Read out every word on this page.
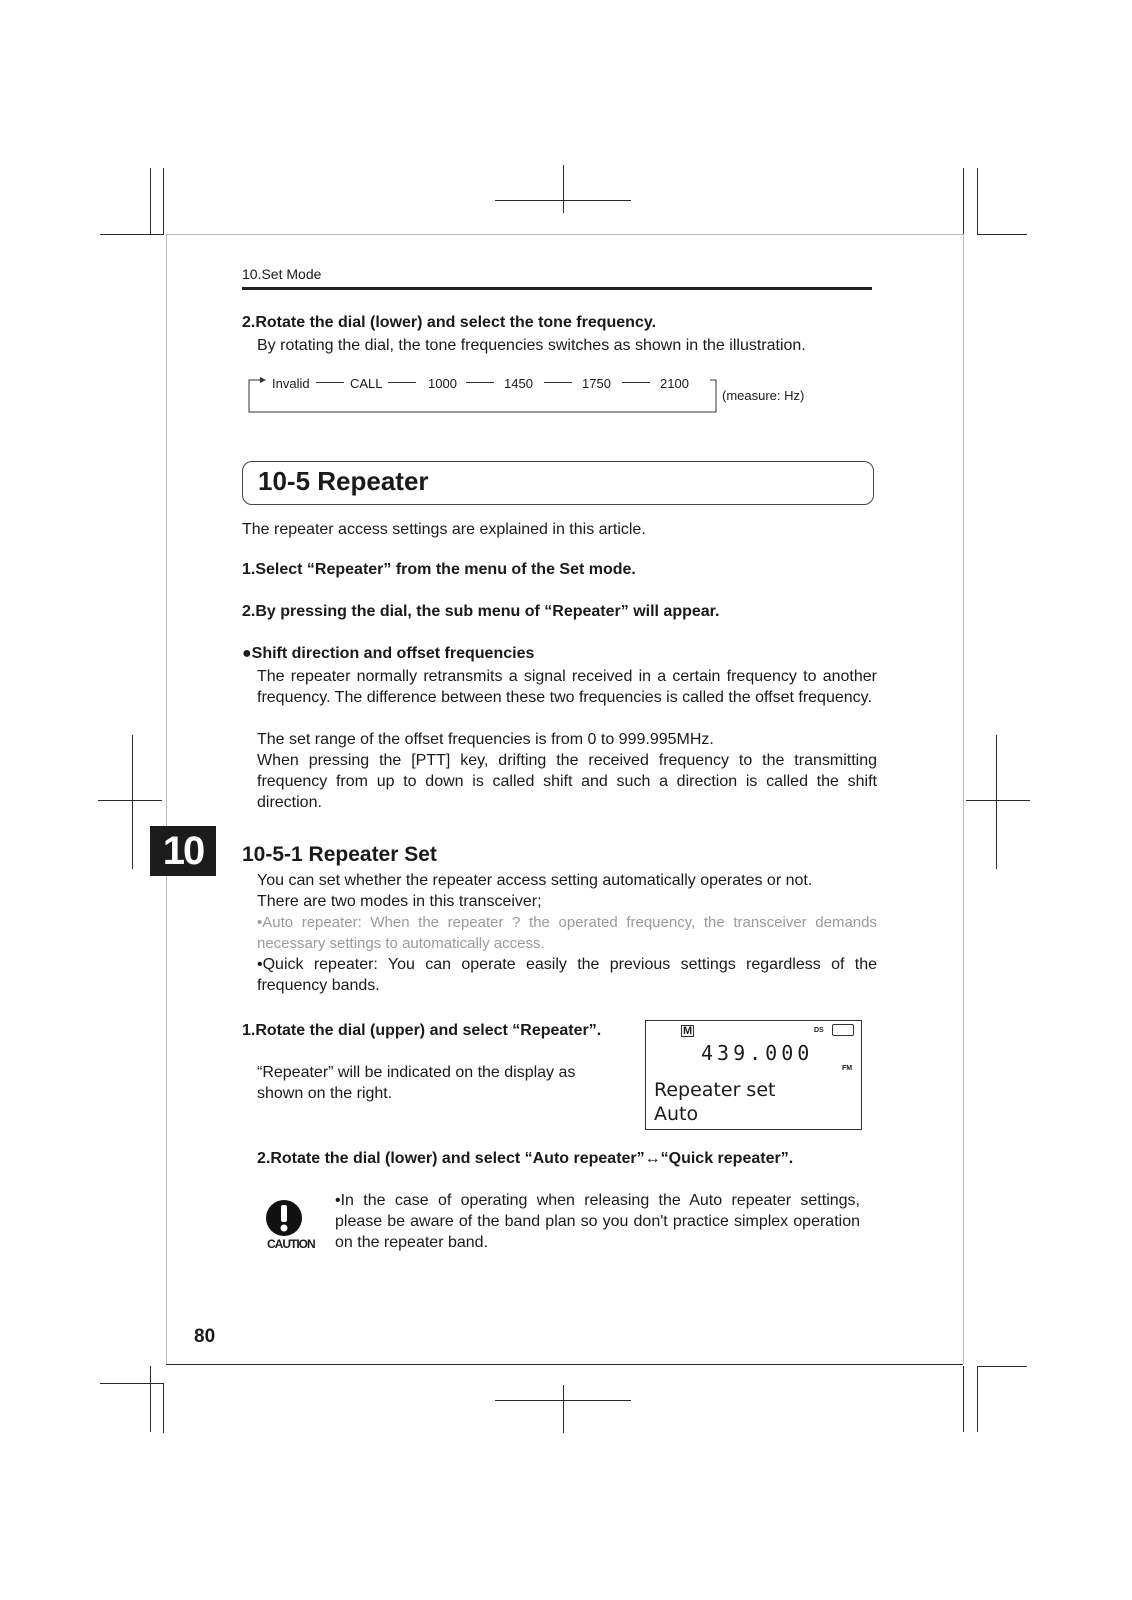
10.Set Mode
2.Rotate the dial (lower) and select the tone frequency.
By rotating the dial, the tone frequencies switches as shown in the illustration.
Invalid	CALL	1000	1450	1750	2100
(measure: Hz)
10-5 Repeater
The repeater access settings are explained in this article.
1.Select “Repeater” from the menu of the Set mode.
2.By pressing the dial, the sub menu of “Repeater” will appear.
●Shift direction and offset frequencies
The repeater normally retransmits a signal received in a certain frequency to another frequency. The difference between these two frequencies is called the offset frequency.
The set range of the offset frequencies is from 0 to 999.995MHz.
When pressing the [PTT] key, drifting the received frequency to the transmitting frequency from up to down is called shift and such a direction is called the shift direction.
10	10-5-1 Repeater Set
You can set whether the repeater access setting automatically operates or not.
There are two modes in this transceiver;
•Auto repeater: When the repeater ? the operated frequency, the transceiver demands necessary settings to automatically access.
•Quick repeater: You can operate easily the previous settings regardless of the frequency bands.
1.Rotate the dial (upper) and select “Repeater”.
“Repeater” will be indicated on the display as shown on the right.
M	DS
439.000
FM
Repeater set
Auto
2.Rotate the dial (lower) and select “Auto repeater”↔“Quick repeater”.
CAUTION
•In the case of operating when releasing the Auto repeater settings, please be aware of the band plan so you don't practice simplex operation on the repeater band.
80
